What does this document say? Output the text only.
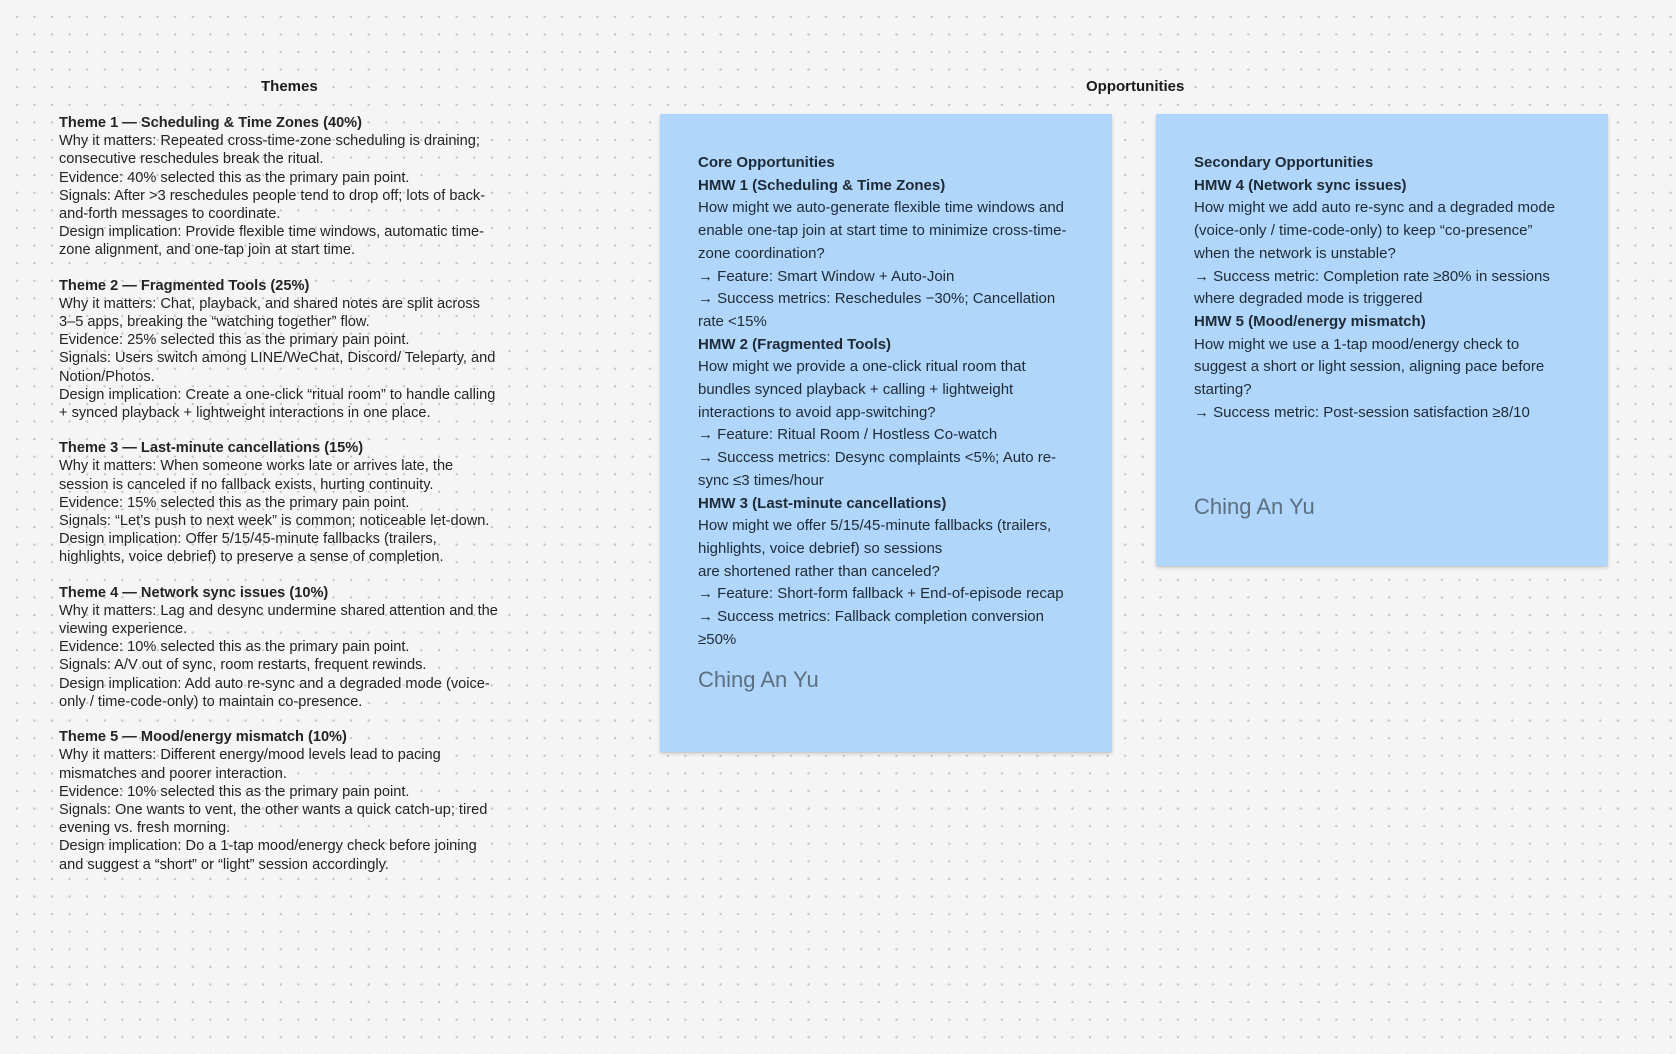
Themes	Opportunities

Theme 1 — Scheduling & Time Zones (40%)

Why it matters: Repeated cross-time-zone scheduling is draining; consecutive reschedules break the ritual.

Evidence: 40% selected this as the primary pain point.

Signals: After >3 reschedules people tend to drop off; lots of back-and-forth messages to coordinate.

Design implication: Provide flexible time windows, automatic time-zone alignment, and one-tap join at start time.

Theme 2 — Fragmented Tools (25%)

Why it matters: Chat, playback, and shared notes are split across 3–5 apps, breaking the “watching together” flow.

Evidence: 25% selected this as the primary pain point.

Signals: Users switch among LINE/WeChat, Discord/ Teleparty, and Notion/Photos.

Design implication: Create a one-click “ritual room” to handle calling + synced playback + lightweight interactions in one place.

Theme 3 — Last-minute cancellations (15%)

Why it matters: When someone works late or arrives late, the session is canceled if no fallback exists, hurting continuity.

Evidence: 15% selected this as the primary pain point.

Signals: “Let’s push to next week” is common; noticeable let-down.

Design implication: Offer 5/15/45-minute fallbacks (trailers, highlights, voice debrief) to preserve a sense of completion.

Theme 4 — Network sync issues (10%)

Why it matters: Lag and desync undermine shared attention and the viewing experience.

Evidence: 10% selected this as the primary pain point.

Signals: A/V out of sync, room restarts, frequent rewinds.

Design implication: Add auto re-sync and a degraded mode (voice-only / time-code-only) to maintain co-presence.

Theme 5 — Mood/energy mismatch (10%)

Why it matters: Different energy/mood levels lead to pacing mismatches and poorer interaction.

Evidence: 10% selected this as the primary pain point.

Signals: One wants to vent, the other wants a quick catch-up; tired evening vs. fresh morning.

Design implication: Do a 1-tap mood/energy check before joining and suggest a “short” or “light” session accordingly.

Core Opportunities

HMW 1 (Scheduling & Time Zones)

How might we auto-generate flexible time windows and enable one-tap join at start time to minimize cross-time-zone coordination?

→ Feature: Smart Window + Auto-Join

→ Success metrics: Reschedules −30%; Cancellation rate <15%

HMW 2 (Fragmented Tools)

How might we provide a one-click ritual room that bundles synced playback + calling + lightweight interactions to avoid app-switching?

→ Feature: Ritual Room / Hostless Co-watch

→ Success metrics: Desync complaints <5%; Auto re-sync ≤3 times/hour

HMW 3 (Last-minute cancellations)

How might we offer 5/15/45-minute fallbacks (trailers, highlights, voice debrief) so sessions

are shortened rather than canceled?

→ Feature: Short-form fallback + End-of-episode recap

→ Success metrics: Fallback completion conversion ≥50%

Ching An Yu

Secondary Opportunities

HMW 4 (Network sync issues)

How might we add auto re-sync and a degraded mode (voice-only / time-code-only) to keep “co-presence” when the network is unstable?

→ Success metric: Completion rate ≥80% in sessions where degraded mode is triggered

HMW 5 (Mood/energy mismatch)

How might we use a 1-tap mood/energy check to suggest a short or light session, aligning pace before starting?

→ Success metric: Post-session satisfaction ≥8/10

Ching An Yu
